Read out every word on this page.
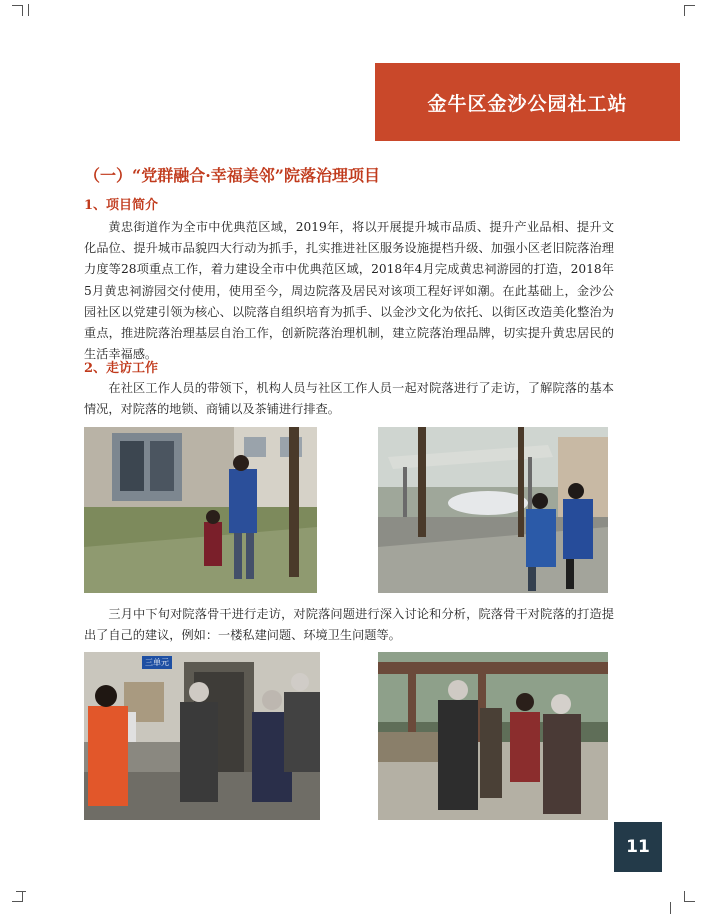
金牛区金沙公园社工站
（一）“党群融合·幸福美邻”院落治理项目
1、项目简介

黄忠街道作为全市中优典范区域，2019年，将以开展提升城市品质、提升产业品相、提升文化品位、提升城市品貌四大行动为抓手，扎实推进社区服务设施提档升级、加强小区老旧院落治理力度等28项重点工作，着力建设全市中优典范区域，2018年4月完成黄忠祠游园的打造，2018年5月黄忠祠游园交付使用，使用至今，周边院落及居民对该项工程好评如潮。在此基础上，金沙公园社区以党建引领为核心、以院落自组织培育为抓手、以金沙文化为依托、以街区改造美化整治为重点，推进院落治理基层自治工作，创新院落治理机制，建立院落治理品牌，切实提升黄忠居民的生活幸福感。

2、走访工作

在社区工作人员的带领下，机构人员与社区工作人员一起对院落进行了走访，了解院落的基本情况，对院落的地锁、商铺以及茶铺进行排查。

三月中下旬对院落骨干进行走访，对院落问题进行深入讨论和分析，院落骨干对院落的打造提出了自己的建议，例如：一楼私建问题、环境卫生问题等。

三单元
11
